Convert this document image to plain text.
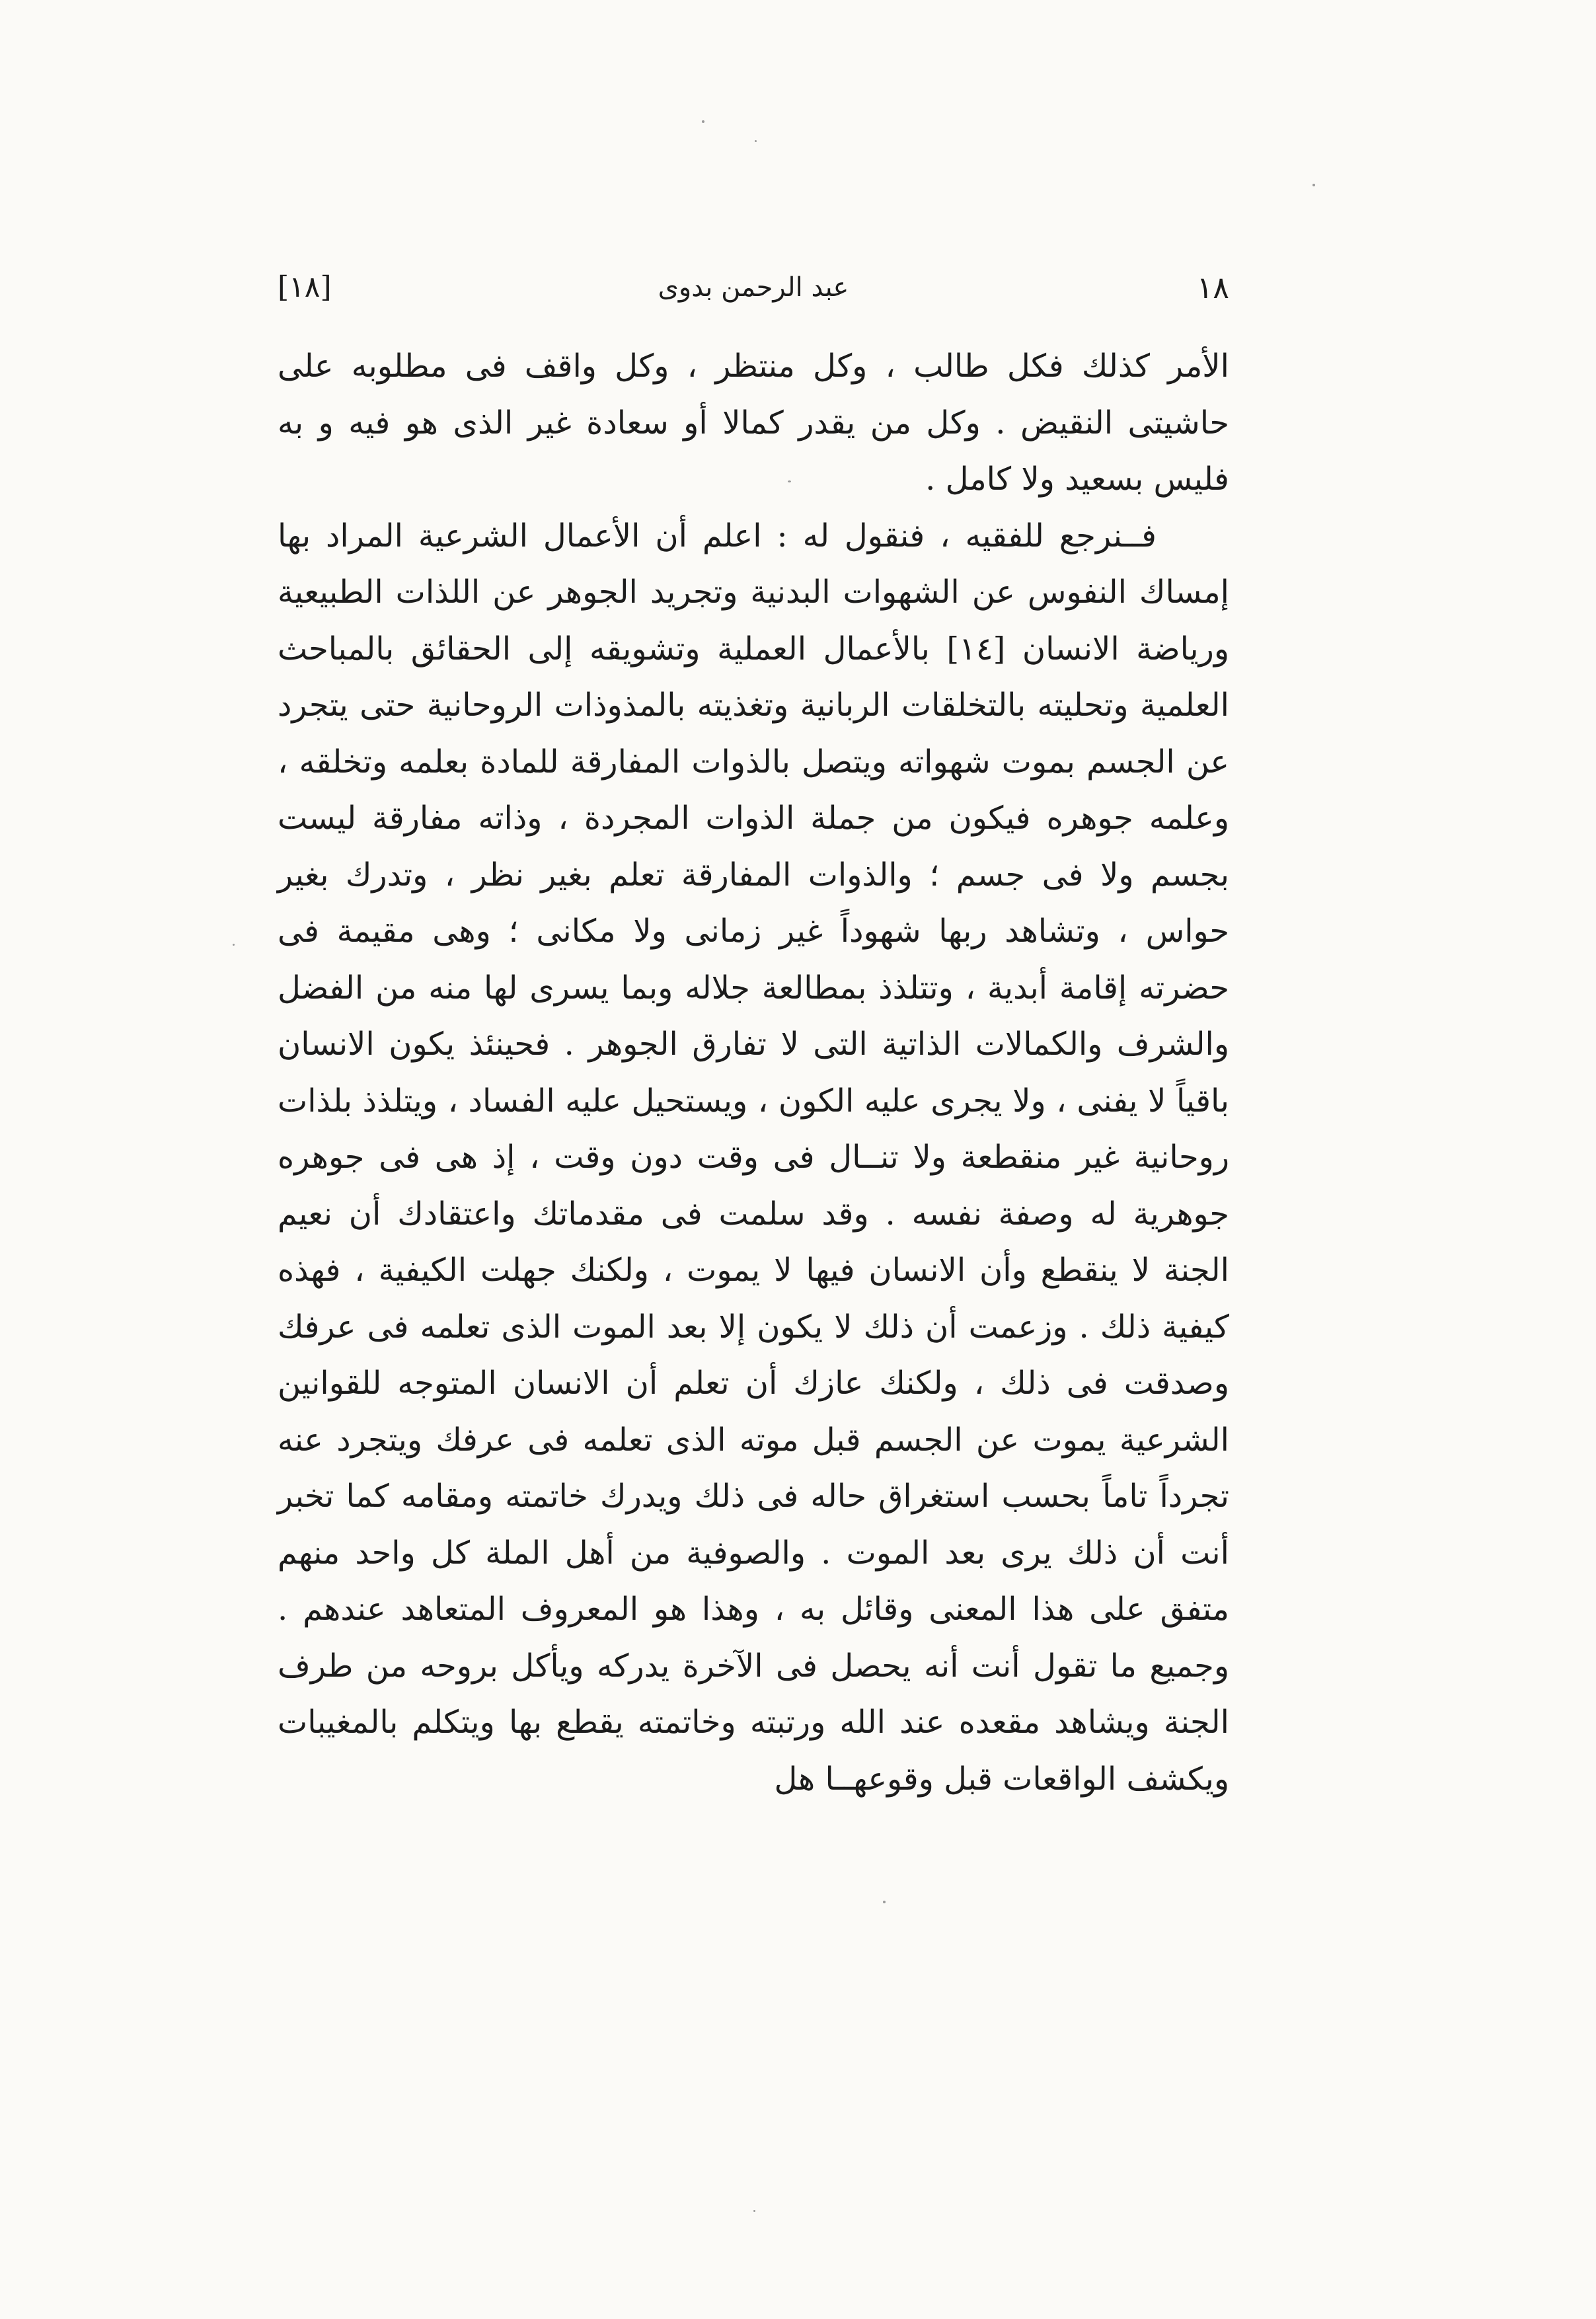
[١٨]	عبد الرحمن بدوى	١٨

الأمر كذلك فكل طالب ، وكل منتظر ، وكل واقف فى مطلوبه على حاشيتى النقيض . وكل من يقدر كمالا أو سعادة غير الذى هو فيه و به فليس بسعيد ولا كامل .

فــنرجع للفقيه ، فنقول له : اعلم أن الأعمال الشرعية المراد بها إمساك النفوس عن الشهوات البدنية وتجريد الجوهر عن اللذات الطبيعية ورياضة الانسان [١٤] بالأعمال العملية وتشويقه إلى الحقائق بالمباحث العلمية وتحليته بالتخلقات الربانية وتغذيته بالمذوذات الروحانية حتى يتجرد عن الجسم بموت شهواته ويتصل بالذوات المفارقة للمادة بعلمه وتخلقه ، وعلمه جوهره فيكون من جملة الذوات المجردة ، وذاته مفارقة ليست بجسم ولا فى جسم ؛ والذوات المفارقة تعلم بغير نظر ، وتدرك بغير حواس ، وتشاهد ربها شهوداً غير زمانى ولا مكانى ؛ وهى مقيمة فى حضرته إقامة أبدية ، وتتلذذ بمطالعة جلاله وبما يسرى لها منه من الفضل والشرف والكمالات الذاتية التى لا تفارق الجوهر . فحينئذ يكون الانسان باقياً لا يفنى ، ولا يجرى عليه الكون ، ويستحيل عليه الفساد ، ويتلذذ بلذات روحانية غير منقطعة ولا تنــال فى وقت دون وقت ، إذ هى فى جوهره جوهرية له وصفة نفسه . وقد سلمت فى مقدماتك واعتقادك أن نعيم الجنة لا ينقطع وأن الانسان فيها لا يموت ، ولكنك جهلت الكيفية ، فهذه كيفية ذلك . وزعمت أن ذلك لا يكون إلا بعد الموت الذى تعلمه فى عرفك وصدقت فى ذلك ، ولكنك عازك أن تعلم أن الانسان المتوجه للقوانين الشرعية يموت عن الجسم قبل موته الذى تعلمه فى عرفك ويتجرد عنه تجرداً تاماً بحسب استغراق حاله فى ذلك ويدرك خاتمته ومقامه كما تخبر أنت أن ذلك يرى بعد الموت . والصوفية من أهل الملة كل واحد منهم متفق على هذا المعنى وقائل به ، وهذا هو المعروف المتعاهد عندهم . وجميع ما تقول أنت أنه يحصل فى الآخرة يدركه ويأكل بروحه من طرف الجنة ويشاهد مقعده عند الله ورتبته وخاتمته يقطع بها ويتكلم بالمغيبات ويكشف الواقعات قبل وقوعهــا هل
